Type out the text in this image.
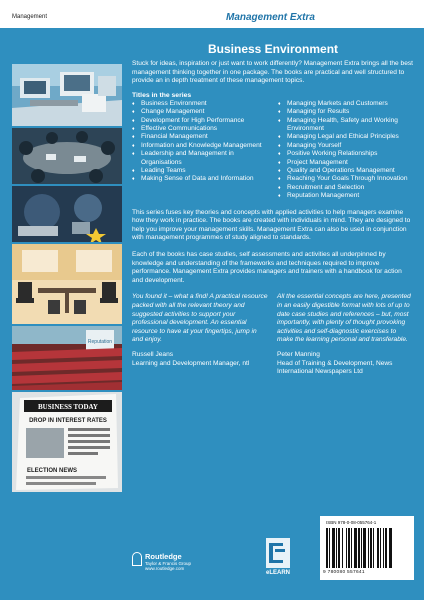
Management	Management Extra
Reputation
BUSINESS TODAY
DROP IN INTEREST RATES
ELECTION NEWS
Business Environment

Stuck for ideas, inspiration or just want to work differently? Management Extra brings all the best management thinking together in one package. The books are practical and well structured to provide an in depth treatment of these management topics.

Titles in the series
♦ Business Environment
♦ Change Management
♦ Development for High Performance
♦ Effective Communications
♦ Financial Management
♦ Information and Knowledge Management
♦ Leadership and Management in Organisations
♦ Leading Teams
♦ Making Sense of Data and Information
♦ Managing Markets and Customers
♦ Managing for Results
♦ Managing Health, Safety and Working Environment
♦ Managing Legal and Ethical Principles
♦ Managing Yourself
♦ Positive Working Relationships
♦ Project Management
♦ Quality and Operations Management
♦ Reaching Your Goals Through Innovation
♦ Recruitment and Selection
♦ Reputation Management

This series fuses key theories and concepts with applied activities to help managers examine how they work in practice. The books are created with individuals in mind. They are designed to help you improve your management skills. Management Extra can also be used in conjunction with management programmes of study aligned to standards.

Each of the books has case studies, self assessments and activities all underpinned by knowledge and understanding of the frameworks and techniques required to improve performance. Management Extra provides managers and trainers with a handbook for action and development.

You found it – what a find! A practical resource packed with all the relevant theory and suggested activities to support your professional development. An essential resource to have at your fingertips, jump in and enjoy.

Russell Jeans
Learning and Development Manager, ntl

All the essential concepts are here, presented in an easily digestible format with lots of up to date case studies and references – but, most importantly, with plenty of thought provoking activities and self-diagnostic exercises to make the learning personal and transferable.

Peter Manning
Head of Training & Development, News International Newspapers Ltd

Routledge
Taylor & Francis Group
www.routledge.com
eLEARN
ISBN 978-0-08-055764-1
9 780080 557641
